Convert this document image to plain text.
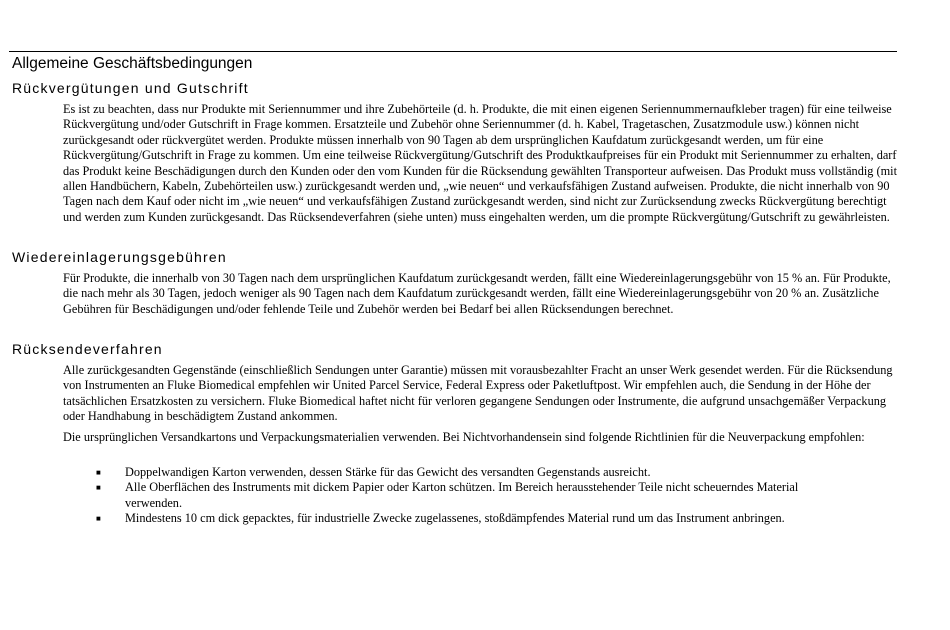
Allgemeine Geschäftsbedingungen
Rückvergütungen und Gutschrift

Es ist zu beachten, dass nur Produkte mit Seriennummer und ihre Zubehörteile (d. h. Produkte, die mit einen eigenen Seriennummernaufkleber tragen) für eine teilweise Rückvergütung und/oder Gutschrift in Frage kommen. Ersatzteile und Zubehör ohne Seriennummer (d. h. Kabel, Tragetaschen, Zusatzmodule usw.) können nicht zurückgesandt oder rückvergütet werden. Produkte müssen innerhalb von 90 Tagen ab dem ursprünglichen Kaufdatum zurückgesandt werden, um für eine Rückvergütung/Gutschrift in Frage zu kommen. Um eine teilweise Rückvergütung/Gutschrift des Produktkaufpreises für ein Produkt mit Seriennummer zu erhalten, darf das Produkt keine Beschädigungen durch den Kunden oder den vom Kunden für die Rücksendung gewählten Transporteur aufweisen. Das Produkt muss vollständig (mit allen Handbüchern, Kabeln, Zubehörteilen usw.) zurückgesandt werden und, „wie neuen“ und verkaufsfähigen Zustand aufweisen. Produkte, die nicht innerhalb von 90 Tagen nach dem Kauf oder nicht im „wie neuen“ und verkaufsfähigen Zustand zurückgesandt werden, sind nicht zur Zurücksendung zwecks Rückvergütung berechtigt und werden zum Kunden zurückgesandt. Das Rücksendeverfahren (siehe unten) muss eingehalten werden, um die prompte Rückvergütung/Gutschrift zu gewährleisten.

Wiedereinlagerungsgebühren

Für Produkte, die innerhalb von 30 Tagen nach dem ursprünglichen Kaufdatum zurückgesandt werden, fällt eine Wiedereinlagerungsgebühr von 15 % an. Für Produkte, die nach mehr als 30 Tagen, jedoch weniger als 90 Tagen nach dem Kaufdatum zurückgesandt werden, fällt eine Wiedereinlagerungsgebühr von 20 % an. Zusätzliche Gebühren für Beschädigungen und/oder fehlende Teile und Zubehör werden bei Bedarf bei allen Rücksendungen berechnet.

Rücksendeverfahren

Alle zurückgesandten Gegenstände (einschließlich Sendungen unter Garantie) müssen mit vorausbezahlter Fracht an unser Werk gesendet werden. Für die Rücksendung von Instrumenten an Fluke Biomedical empfehlen wir United Parcel Service, Federal Express oder Paketluftpost. Wir empfehlen auch, die Sendung in der Höhe der tatsächlichen Ersatzkosten zu versichern. Fluke Biomedical haftet nicht für verloren gegangene Sendungen oder Instrumente, die aufgrund unsachgemäßer Verpackung oder Handhabung in beschädigtem Zustand ankommen.

Die ursprünglichen Versandkartons und Verpackungsmaterialien verwenden. Bei Nichtvorhandensein sind folgende Richtlinien für die Neuverpackung empfohlen:

■ Doppelwandigen Karton verwenden, dessen Stärke für das Gewicht des versandten Gegenstands ausreicht.
■ Alle Oberflächen des Instruments mit dickem Papier oder Karton schützen. Im Bereich herausstehender Teile nicht scheuerndes Material verwenden.
■ Mindestens 10 cm dick gepacktes, für industrielle Zwecke zugelassenes, stoßdämpfendes Material rund um das Instrument anbringen.
